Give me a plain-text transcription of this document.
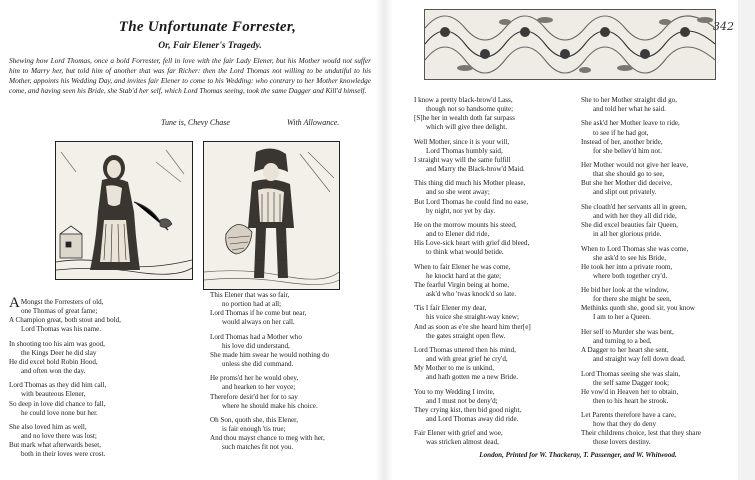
The Unfortunate Forrester,
Or, Fair Elener's Tragedy.
Shewing how Lord Thomas, once a bold Forrester, fell in love with the fair Lady Elener, but his Mother would not suffer him to Marry her, but told him of another that was far Richer: then the Lord Thomas not willing to be undutiful to his Mother, appoints his Wedding Day, and invites fair Elener to come to his Wedding: who contrary to her Mother knowledge come, and having seen his Bride, she Stab'd her self, which Lord Thomas seeing, took the same Dagger and Kill'd himself.
Tune is, Chevy Chase	With Allowance.
342
A Mongst the Forresters of old,
one Thomas of great fame;
A Champion great, both stout and bold,
Lord Thomas was his name.
In shooting too his aim was good,
the Kings Deer he did slay
He did excel bold Robin Hood,
and often won the day.
Lord Thomas as they did him call,
with beauteous Elener,
So deep in love did chance to fall,
he could love none but her.
She also loved him as well,
and no love there was lost;
But mark what afterwards beset,
both in their loves were crost.
This Elener that was so fair,
no portion had at all;
Lord Thomas if he come but near,
would always on her call.
Lord Thomas had a Mother who
his love did understand,
She made him swear he would nothing do
unless she did command.
He proms'd her he would obey,
and hearken to her voyce;
Therefore desir'd her for to say
where he should make his choice.
Oh Son, quoth she, this Elener,
is fair enough 'tis true;
And thou mayst chance to meg with her,
such matches fit not you.
I know a pretty black-brow'd Lass,
though not so handsome quite;
[S]he her in wealth doth far surpass
which will give thee delight.
Well Mother, since it is your will,
Lord Thomas humbly said,
I straight way will the same fulfill
and Marry the Black-brow'd Maid.
This thing did much his Mother please,
and so she went away;
But Lord Thomas he could find no ease,
by night, nor yet by day.
He on the morrow mounts his steed,
and to Elener did ride,
His Love-sick heart with grief did bleed,
to think what would betide.
When to fair Elener he was come,
he knockt hard at the gate;
The fearful Virgin being at home,
ask'd who 'twas knock'd so late.
'Tis I fair Elener my dear,
his voice she straight-way knew;
And as soon as e're she heard him ther[e]
the gates straight open flew.
Lord Thomas uttered then his mind,
and with great grief he cry'd,
My Mother to me is unkind,
and hath gotten me a new Bride.
You to my Wedding I invite,
and I must not be deny'd;
They crying kist, then bid good night,
and Lord Thomas away did ride.
Fair Elener with grief and woe,
was stricken almost dead,
She to her Mother straight did go,
and told her what he said.
She ask'd her Mother leave to ride,
to see if he had got,
Instead of her, another bride,
for she believ'd him not.
Her Mother would not give her leave,
that she should go to see,
But she her Mother did deceive,
and slipt out privately.
She cloath'd her servants all in green,
and with her they all did ride,
She did excel beauties fair Queen,
in all her glorious pride.
When to Lord Thomas she was come,
she ask'd to see his Bride,
He took her into a private room,
where both together cry'd.
He bid her look at the window,
for there she might be seen,
Methinks quoth she, good sir, you know
I am to her a Queen.
Her self to Murder she was bent,
and turning to a bed,
A Dagger to her heart she sent,
and straight way fell down dead.
Lord Thomas seeing she was slain,
the self same Dagger took;
He vow'd in Heaven her to obtain,
then to his heart he strook.
Let Parents therefore have a care,
how that they do deny
Their childrens choice, lest that they share
those lovers destiny.
London, Printed for W. Thackeray, T. Passenger, and W. Whitwood.
